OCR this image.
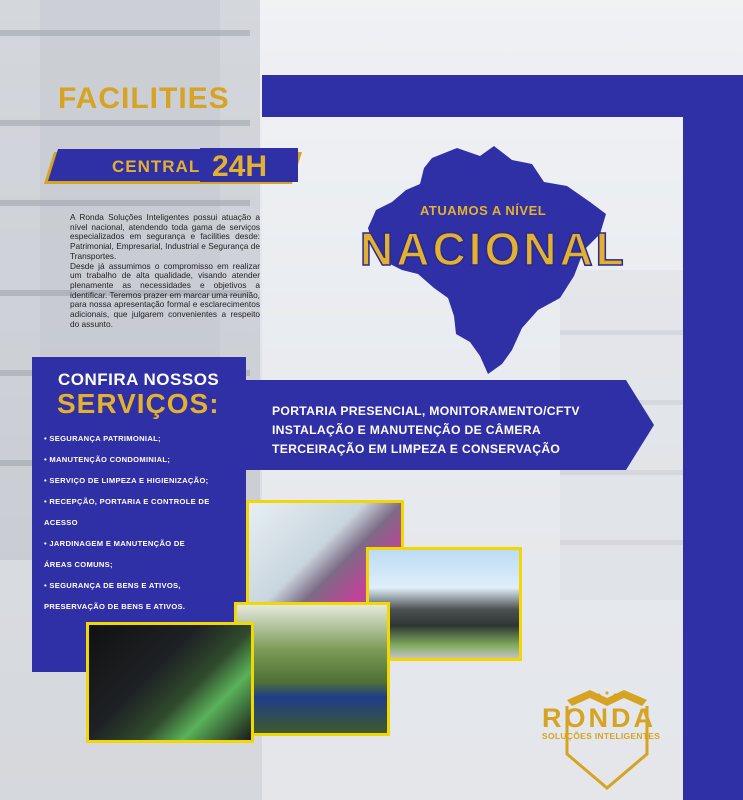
FACILITIES
CENTRAL 24H

A Ronda Soluções Inteligentes possui atuação a nível nacional, atendendo toda gama de serviços especializados em segurança e facilities desde: Patrimonial, Empresarial, Industrial e Segurança de Transportes.

Desde já assumimos o compromisso em realizar um trabalho de alta qualidade, visando atender plenamente as necessidades e objetivos a identificar. Teremos prazer em marcar uma reunião, para nossa apresentação formal e esclarecimentos adicionais, que julgarem convenientes a respeito do assunto.

ATUAMOS A NÍVEL
NACIONAL
CONFIRA NOSSOS
SERVIÇOS:
• SEGURANÇA PATRIMONIAL;
• MANUTENÇÃO CONDOMINIAL;
• SERVIÇO DE LIMPEZA E HIGIENIZAÇÃO;
• RECEPÇÃO, PORTARIA E CONTROLE DE
ACESSO
• JARDINAGEM E MANUTENÇÃO DE
ÁREAS COMUNS;
• SEGURANÇA DE BENS E ATIVOS,
PRESERVAÇÃO DE BENS E ATIVOS.
PORTARIA PRESENCIAL, MONITORAMENTO/CFTV
INSTALAÇÃO E MANUTENÇÃO DE CÂMERA
TERCEIRAÇÃO EM LIMPEZA E CONSERVAÇÃO
RONDA
SOLUÇÕES INTELIGENTES
